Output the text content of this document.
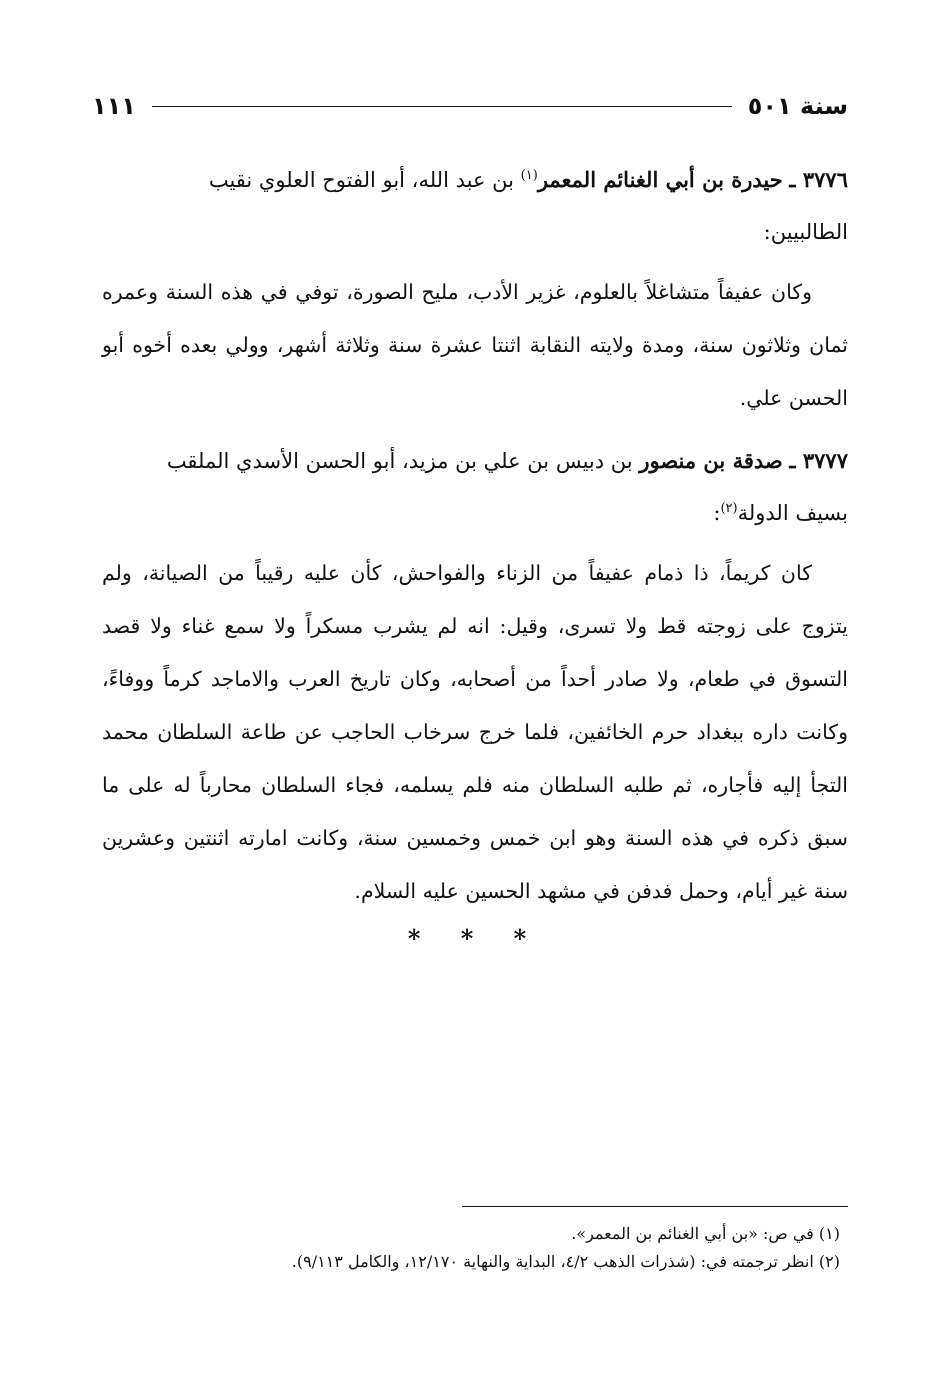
سنة ٥٠١
١١١

٣٧٧٦ ـ حيدرة بن أبي الغنائم المعمر$^{(١)}$ بن عبد الله، أبو الفتوح العلوي نقيب

الطالبيين:

وكان عفيفاً متشاغلاً بالعلوم، غزير الأدب، مليح الصورة، توفي في هذه السنة وعمره ثمان وثلاثون سنة، ومدة ولايته النقابة اثنتا عشرة سنة وثلاثة أشهر، وولي بعده أخوه أبو الحسن علي.

٣٧٧٧ ـ صدقة بن منصور بن دبيس بن علي بن مزيد، أبو الحسن الأسدي الملقب

بسيف الدولة$^{(٢)}$:

كان كريماً، ذا ذمام عفيفاً من الزناء والفواحش، كأن عليه رقيباً من الصيانة، ولم يتزوج على زوجته قط ولا تسرى، وقيل: انه لم يشرب مسكراً ولا سمع غناء ولا قصد التسوق في طعام، ولا صادر أحداً من أصحابه، وكان تاريخ العرب والاماجد كرماً ووفاءً، وكانت داره ببغداد حرم الخائفين، فلما خرج سرخاب الحاجب عن طاعة السلطان محمد التجأ إليه فأجاره، ثم طلبه السلطان منه فلم يسلمه، فجاء السلطان محارباً له على ما سبق ذكره في هذه السنة وهو ابن خمس وخمسين سنة، وكانت امارته اثنتين وعشرين سنة غير أيام، وحمل فدفن في مشهد الحسين عليه السلام.

* * *

(١) في ص: «بن أبي الغنائم بن المعمر».

(٢) انظر ترجمته في: (شذرات الذهب ٤/٢، البداية والنهاية ١٢/١٧٠، والكامل ٩/١١٣).
